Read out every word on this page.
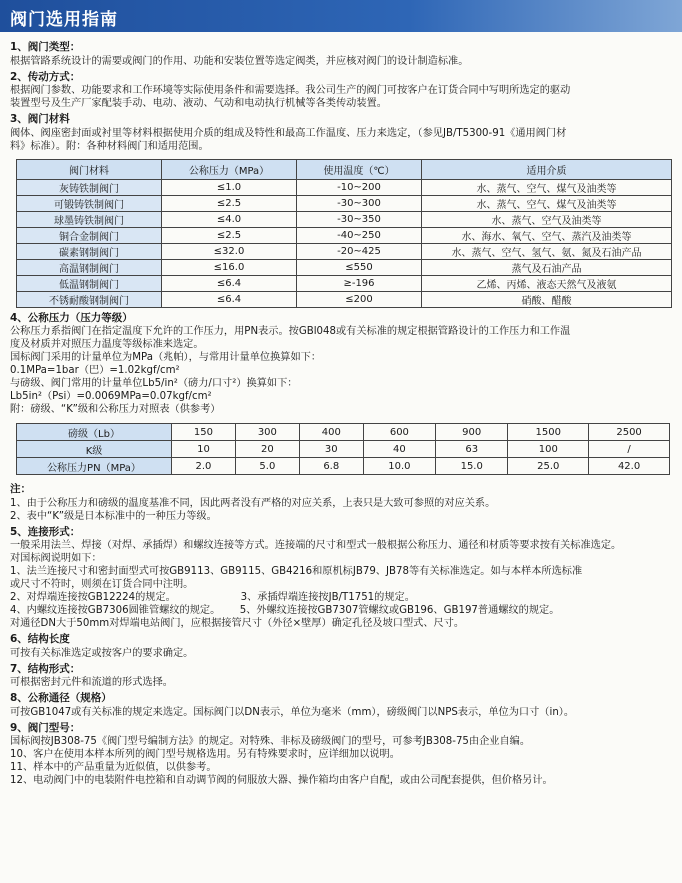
阀门选用指南
1、阀门类型：
根据管路系统设计的需要或阀门的作用、功能和安装位置等选定阀类，并应核对阀门的设计制造标准。
2、传动方式：
根据阀门参数、功能要求和工作环境等实际使用条件和需要选择。我公司生产的阀门可按客户在订货合同中写明所选定的驱动
装置型号及生产厂家配装手动、电动、液动、气动和电动执行机械等各类传动装置。
3、阀门材料
阀体、阀座密封面或衬里等材料根据使用介质的组成及特性和最高工作温度、压力来选定，（参见JB/T5300-91《通用阀门材
料》标准）。附：各种材料阀门和适用范围。
阀门材料	公称压力（MPa）	使用温度（℃）	适用介质
灰铸铁制阀门	≤1.0	-10~200	水、蒸气、空气、煤气及油类等
可锻铸铁制阀门	≤2.5	-30~300	水、蒸气、空气、煤气及油类等
球墨铸铁制阀门	≤4.0	-30~350	水、蒸气、空气及油类等
铜合金制阀门	≤2.5	-40~250	水、海水、氧气、空气、蒸汽及油类等
碳素钢制阀门	≤32.0	-20~425	水、蒸气、空气、氢气、氨、氮及石油产品
高温钢制阀门	≤16.0	≤550	蒸气及石油产品
低温钢制阀门	≤6.4	≥-196	乙烯、丙烯、液态天然气及液氨
不锈耐酸钢制阀门	≤6.4	≤200	硝酸、醋酸
4、公称压力（压力等级）
公称压力系指阀门在指定温度下允许的工作压力，用PN表示。按GBl048或有关标准的规定根据管路设计的工作压力和工作温
度及材质并对照压力温度等级标准来选定。
国标阀门采用的计量单位为MPa（兆帕），与常用计量单位换算如下：
0.1MPa=1bar（巴）=1.02kgf/cm²
与磅级、阀门常用的计量单位Lb5/in²（磅力/口寸²）换算如下：
Lb5in²（Psi）=0.0069MPa=0.07kgf/cm²
附：磅级、“K”级和公称压力对照表（供参考）
磅级（Lb）	150	300	400	600	900	1500	2500
K级	10	20	30	40	63	100	/
公称压力PN（MPa）	2.0	5.0	6.8	10.0	15.0	25.0	42.0
注：
1、由于公称压力和磅级的温度基准不同，因此两者没有严格的对应关系，上表只是大致可参照的对应关系。
2、表中“K”级是日本标准中的一种压力等级。
5、连接形式：
一般采用法兰、焊接（对焊、承插焊）和螺纹连接等方式。连接端的尺寸和型式一般根据公称压力、通径和材质等要求按有关标准选定。
对国标阀说明如下：
1、法兰连接尺寸和密封面型式可按GB9113、GB9115、GB4216和原机标JB79、JB78等有关标准选定。如与本样本所选标准
或尺寸不符时，则须在订货合同中注明。
2、对焊端连接按GB12224的规定。                    3、承插焊端连接按JB/T1751的规定。
4、内螺纹连接按GB7306圆锥管螺纹的规定。      5、外螺纹连接按GB7307管螺纹或GB196、GB197普通螺纹的规定。
对通径DN大于50mm对焊端电站阀门，应根据接管尺寸（外径×壁厚）确定孔径及坡口型式、尺寸。
6、结构长度
可按有关标准选定或按客户的要求确定。
7、结构形式：
可根据密封元件和流道的形式选择。
8、公称通径（规格）
可按GB1047或有关标准的规定来选定。国标阀门以DN表示，单位为毫米（mm），磅级阀门以NPS表示，单位为口寸（in）。
9、阀门型号：
国标阀按JB308-75《阀门型号编制方法》的规定。对特殊、非标及磅级阀门的型号，可参考JB308-75由企业自编。
10、客户在使用本样本所列的阀门型号规格选用。另有特殊要求时，应详细加以说明。
11、样本中的产品重量为近似值，以供参考。
12、电动阀门中的电装附件电控箱和自动调节阀的伺服放大器、操作箱均由客户自配，或由公司配套提供，但价格另计。
